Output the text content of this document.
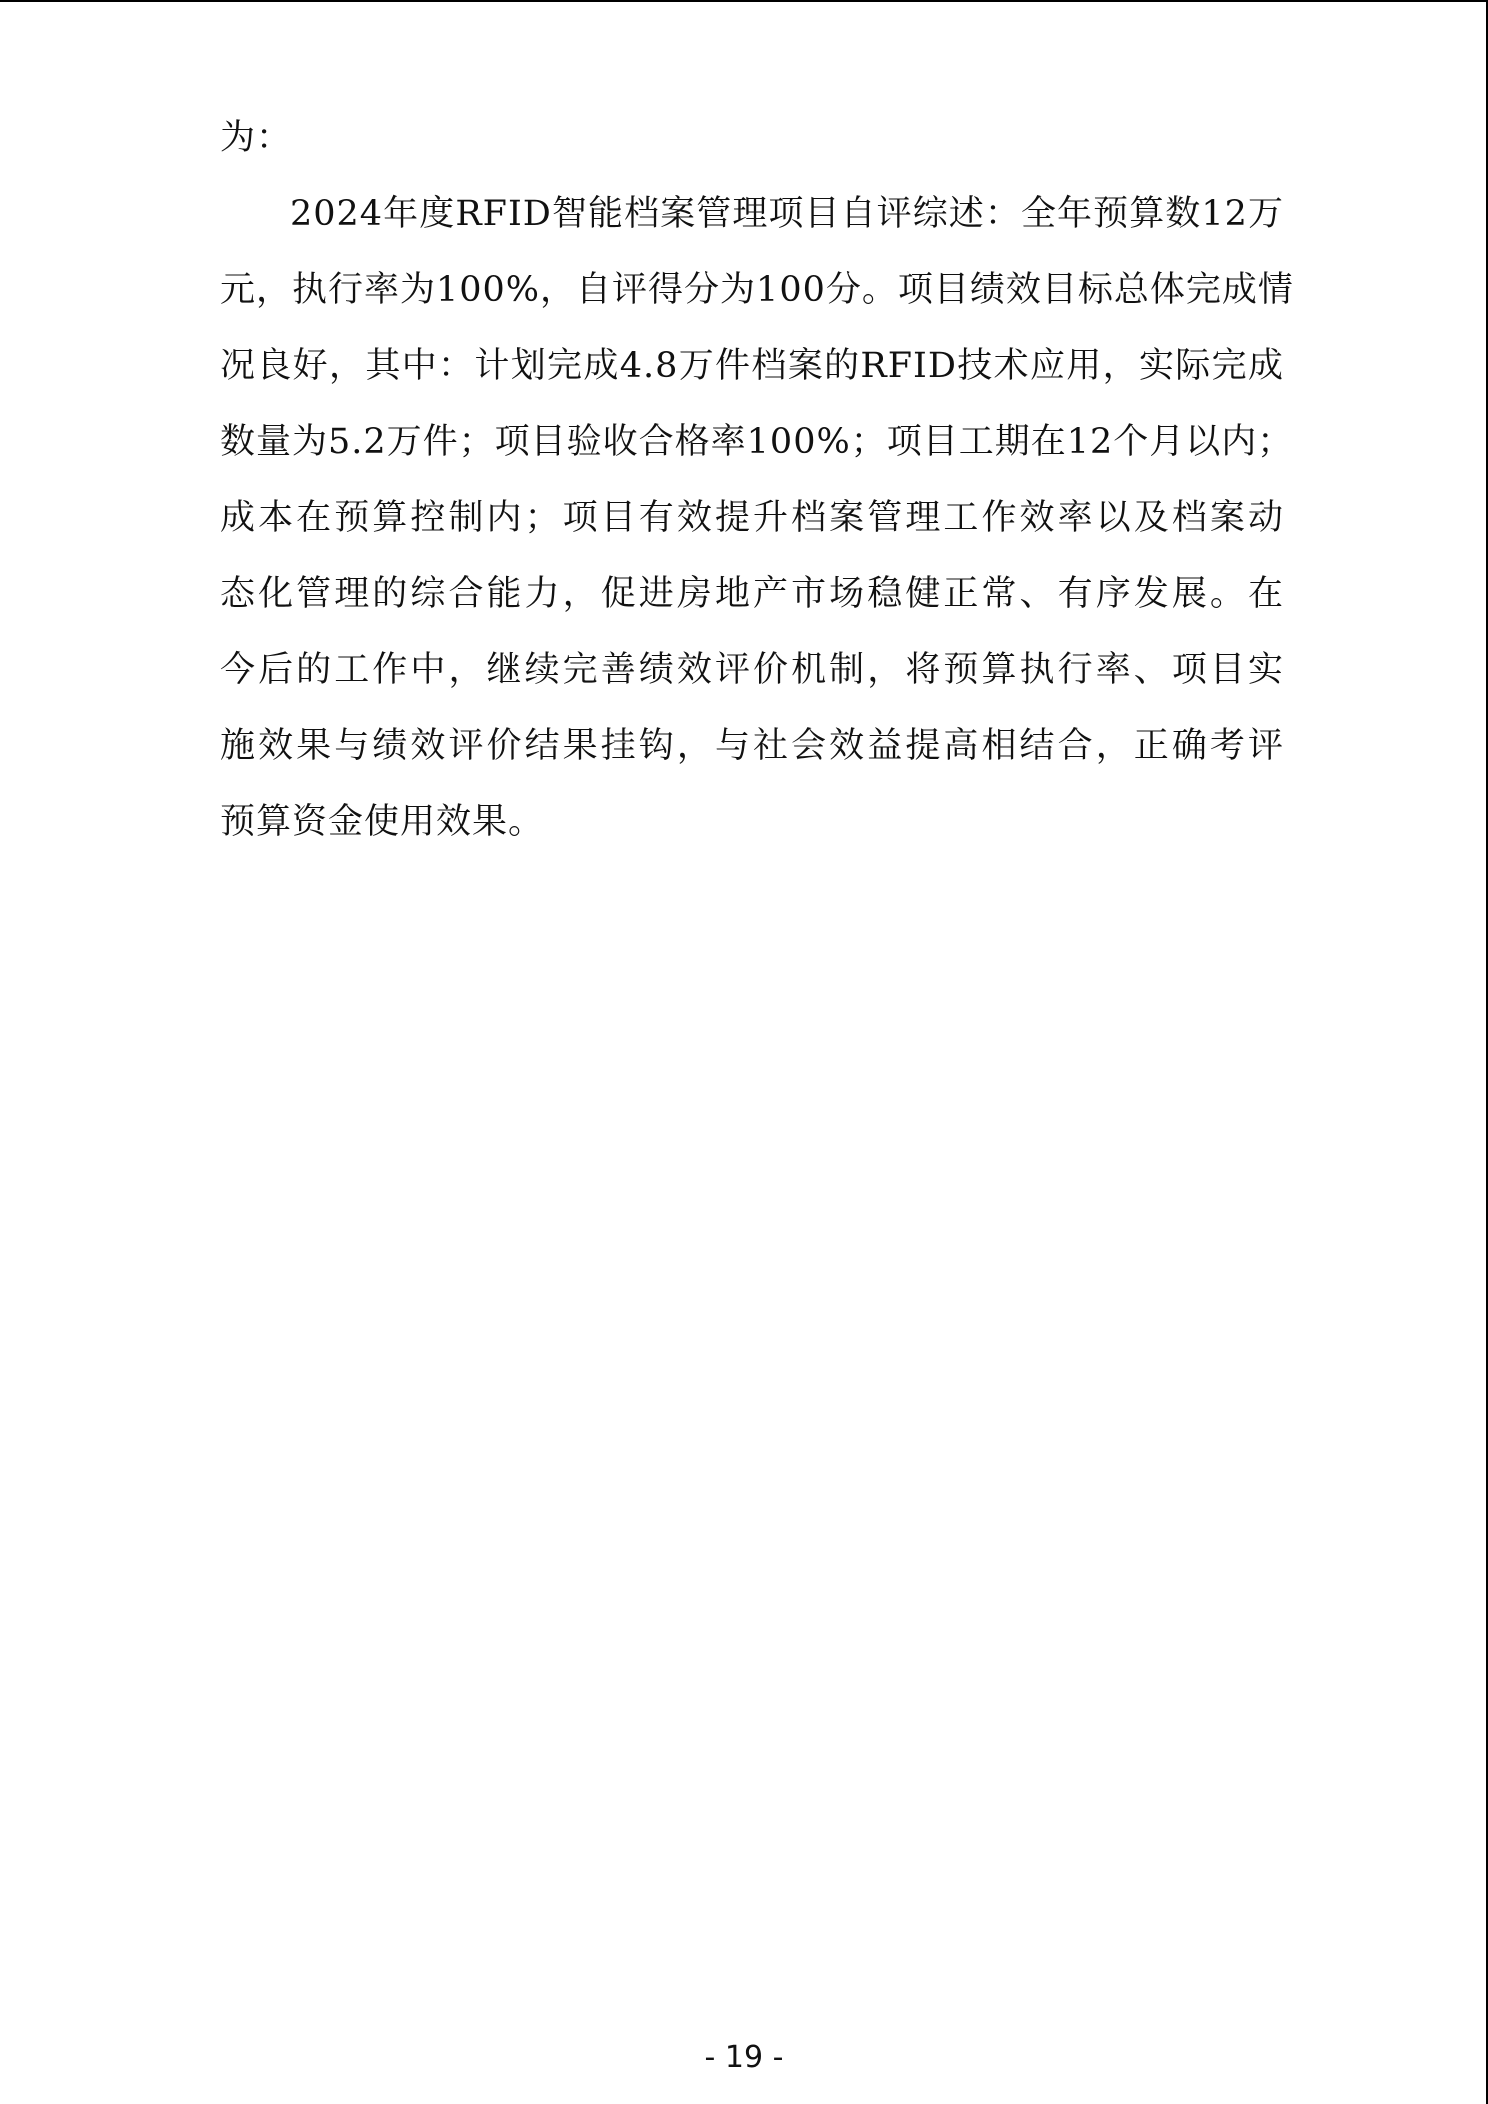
为：
2024年度RFID智能档案管理项目自评综述：全年预算数12万
元，执行率为100%，自评得分为100分。项目绩效目标总体完成情
况良好，其中：计划完成4.8万件档案的RFID技术应用，实际完成
数量为5.2万件；项目验收合格率100%；项目工期在12个月以内；
成本在预算控制内；项目有效提升档案管理工作效率以及档案动
态化管理的综合能力，促进房地产市场稳健正常、有序发展。在
今后的工作中，继续完善绩效评价机制，将预算执行率、项目实
施效果与绩效评价结果挂钩，与社会效益提高相结合，正确考评
预算资金使用效果。
- 19 -
